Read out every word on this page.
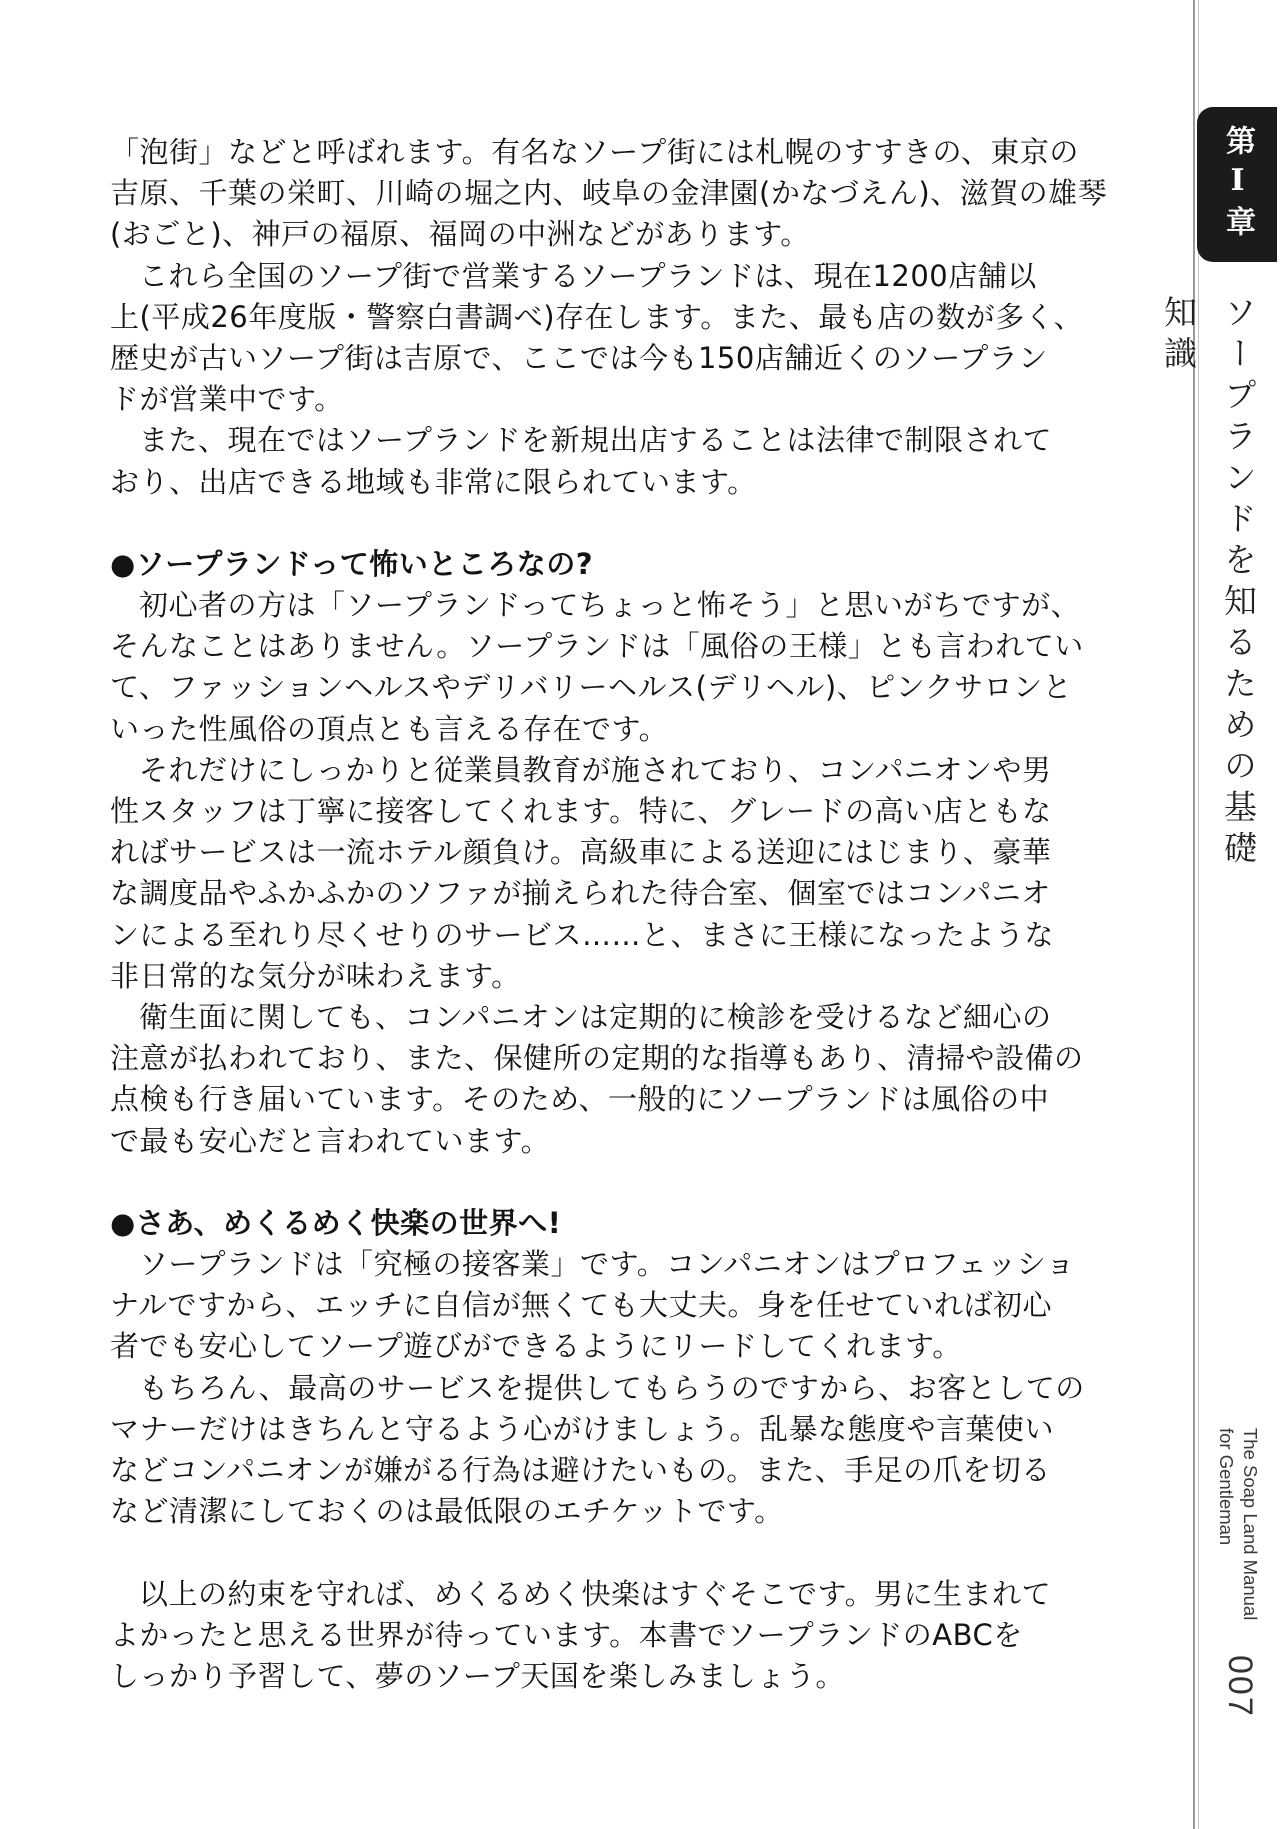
「泡街」などと呼ばれます。有名なソープ街には札幌のすすきの、東京の
吉原、千葉の栄町、川崎の堀之内、岐阜の金津園(かなづえん)、滋賀の雄琴
(おごと)、神戸の福原、福岡の中洲などがあります。
これら全国のソープ街で営業するソープランドは、現在1200店舗以
上(平成26年度版・警察白書調べ)存在します。また、最も店の数が多く、
歴史が古いソープ街は吉原で、ここでは今も150店舗近くのソープラン
ドが営業中です。
また、現在ではソープランドを新規出店することは法律で制限されて
おり、出店できる地域も非常に限られています。
●ソープランドって怖いところなの?
初心者の方は「ソープランドってちょっと怖そう」と思いがちですが、
そんなことはありません。ソープランドは「風俗の王様」とも言われてい
て、ファッションヘルスやデリバリーヘルス(デリヘル)、ピンクサロンと
いった性風俗の頂点とも言える存在です。
それだけにしっかりと従業員教育が施されており、コンパニオンや男
性スタッフは丁寧に接客してくれます。特に、グレードの高い店ともな
ればサービスは一流ホテル顔負け。高級車による送迎にはじまり、豪華
な調度品やふかふかのソファが揃えられた待合室、個室ではコンパニオ
ンによる至れり尽くせりのサービス……と、まさに王様になったような
非日常的な気分が味わえます。
衛生面に関しても、コンパニオンは定期的に検診を受けるなど細心の
注意が払われており、また、保健所の定期的な指導もあり、清掃や設備の
点検も行き届いています。そのため、一般的にソープランドは風俗の中
で最も安心だと言われています。
●さあ、めくるめく快楽の世界へ!
ソープランドは「究極の接客業」です。コンパニオンはプロフェッショ
ナルですから、エッチに自信が無くても大丈夫。身を任せていれば初心
者でも安心してソープ遊びができるようにリードしてくれます。
もちろん、最高のサービスを提供してもらうのですから、お客としての
マナーだけはきちんと守るよう心がけましょう。乱暴な態度や言葉使い
などコンパニオンが嫌がる行為は避けたいもの。また、手足の爪を切る
など清潔にしておくのは最低限のエチケットです。
以上の約束を守れば、めくるめく快楽はすぐそこです。男に生まれて
よかったと思える世界が待っています。本書でソープランドのABCを
しっかり予習して、夢のソープ天国を楽しみましょう。
第Ⅰ章
ソープランドを知るための基礎知識
The Soap Land Manual
for Gentleman
007
